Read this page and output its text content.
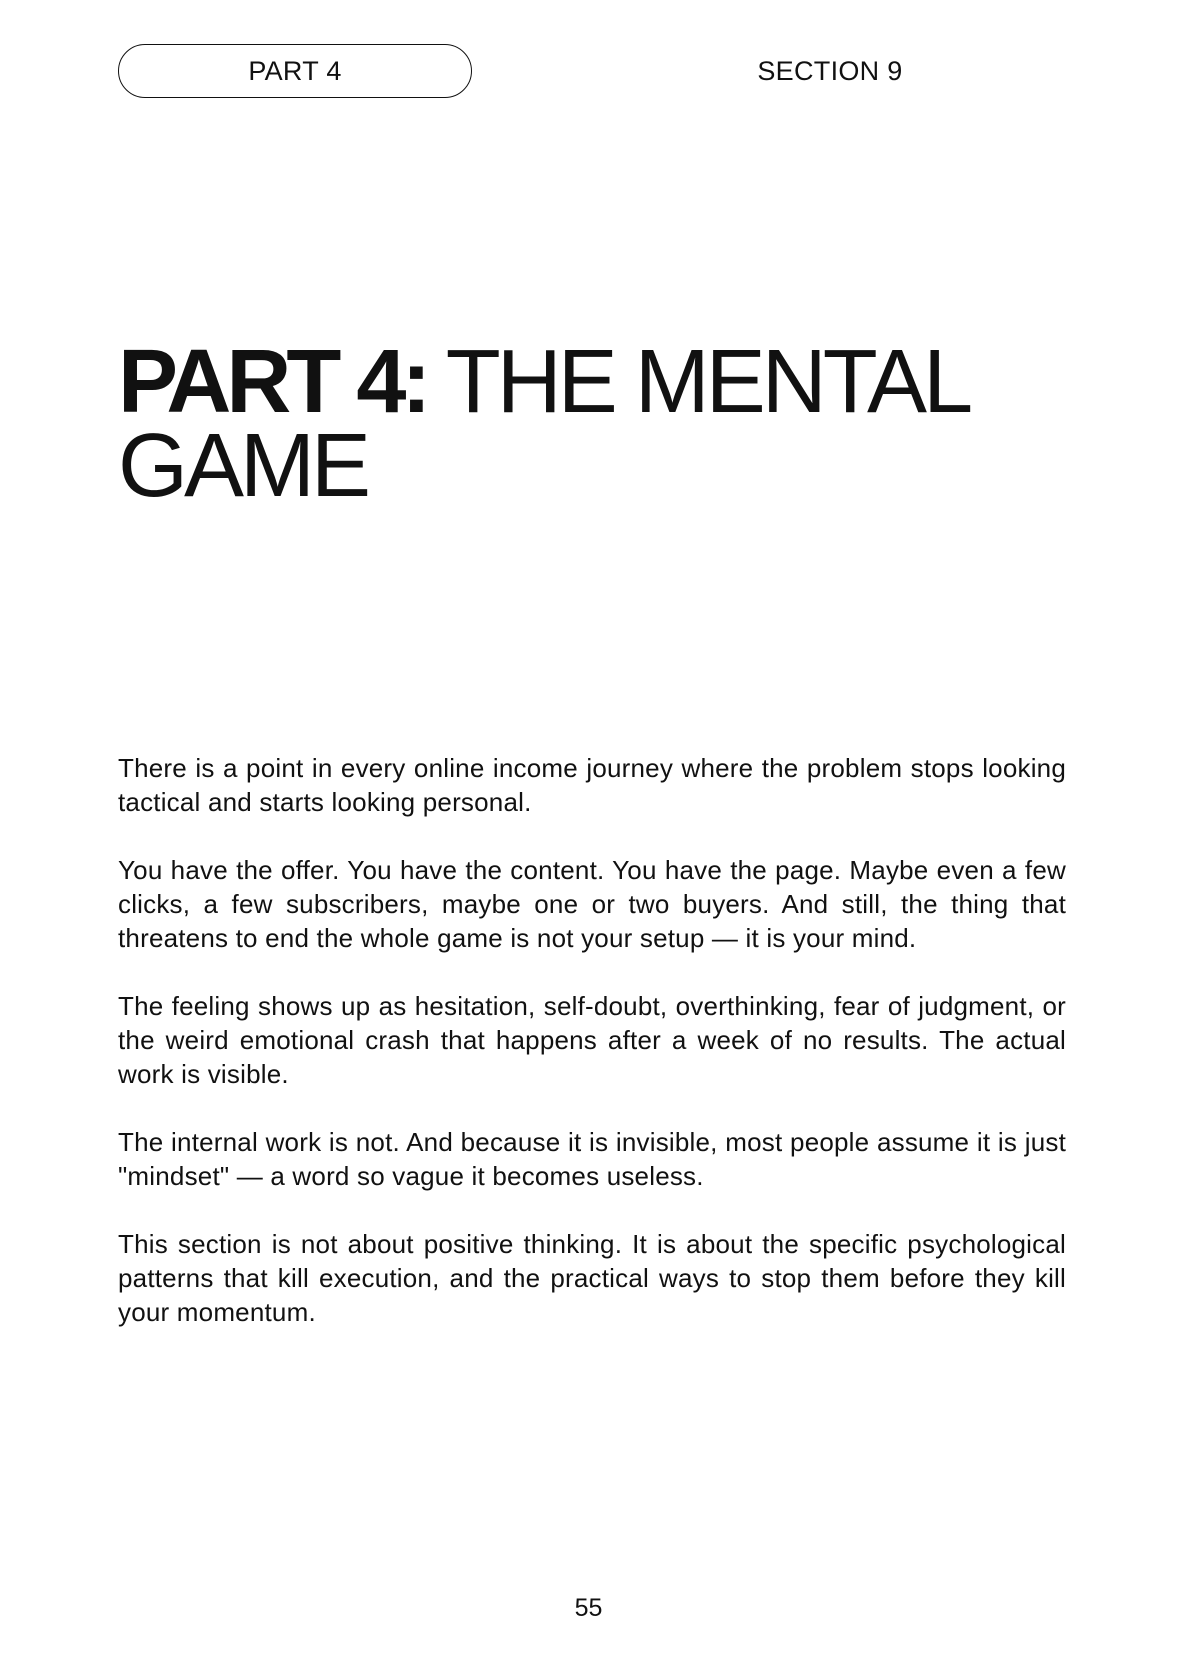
PART 4	SECTION 9
PART 4: THE MENTAL
GAME

There is a point in every online income journey where the problem stops looking tactical and starts looking personal.

You have the offer. You have the content. You have the page. Maybe even a few clicks, a few subscribers, maybe one or two buyers. And still, the thing that threatens to end the whole game is not your setup — it is your mind.

The feeling shows up as hesitation, self-doubt, overthinking, fear of judgment, or the weird emotional crash that happens after a week of no results. The actual work is visible.

The internal work is not. And because it is invisible, most people assume it is just "mindset" — a word so vague it becomes useless.

This section is not about positive thinking. It is about the specific psychological patterns that kill execution, and the practical ways to stop them before they kill your momentum.

55
